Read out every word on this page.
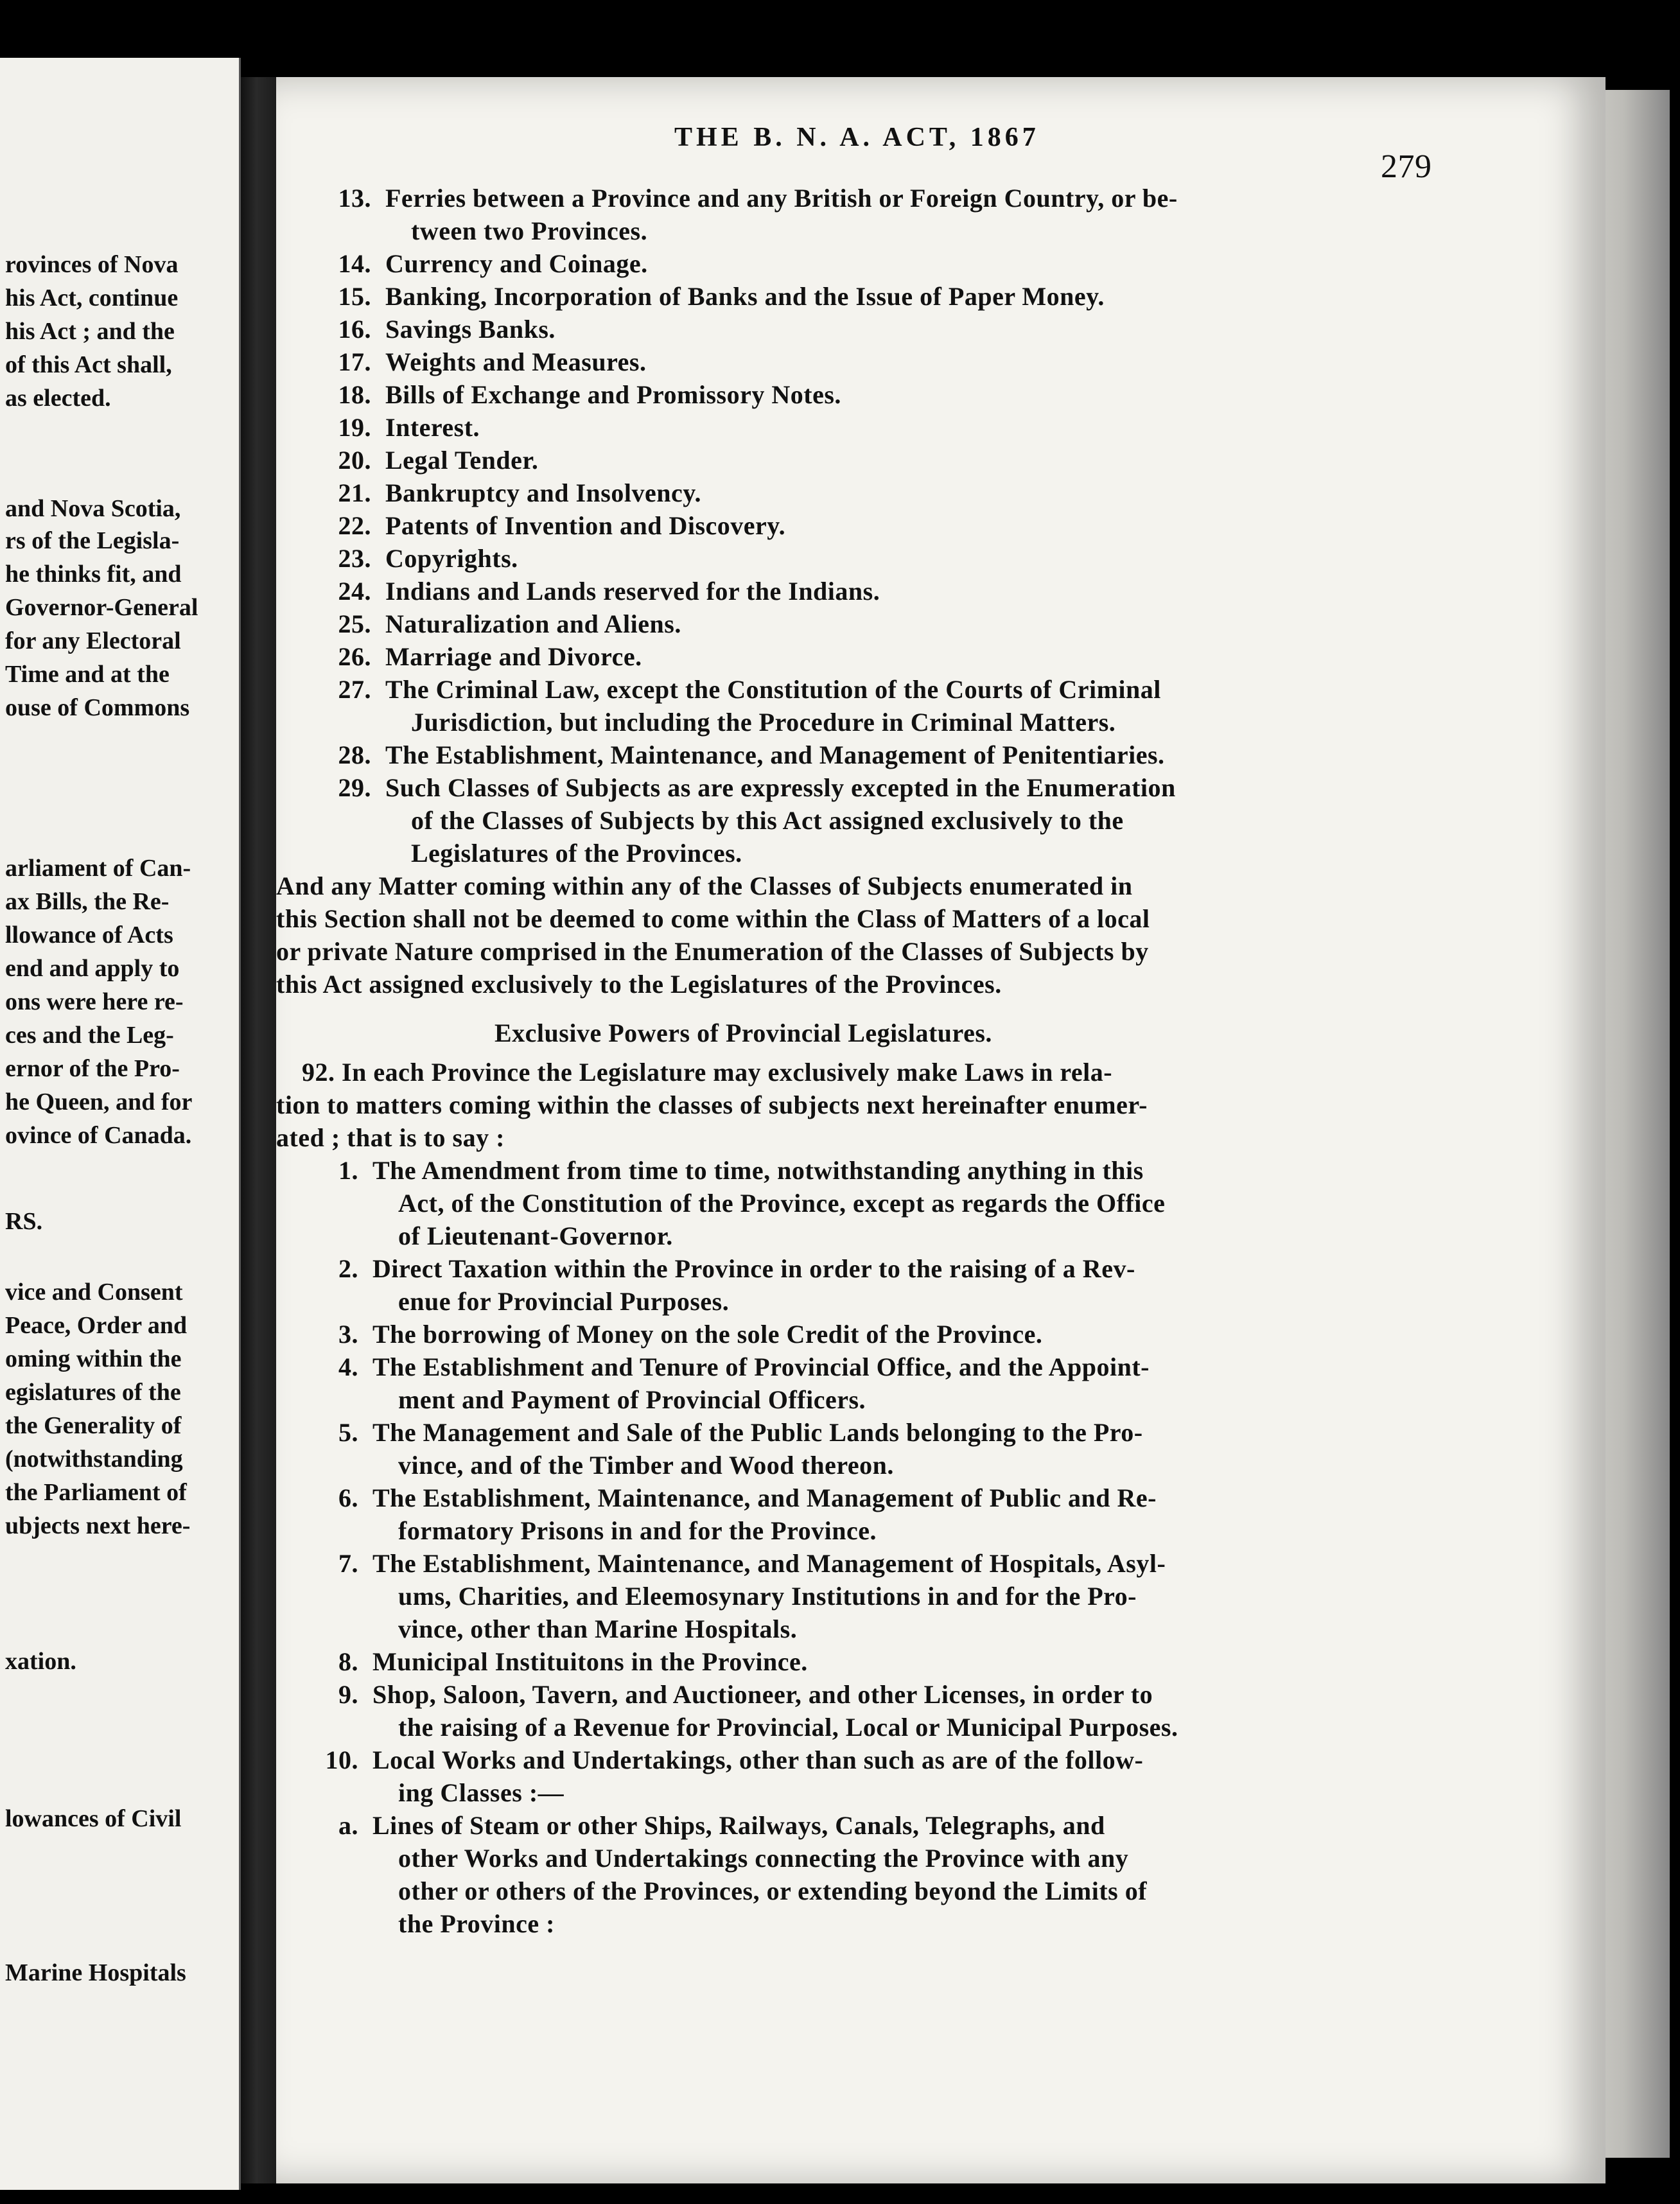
rovinces of Nova
his Act, continue
his Act ; and the
of this Act shall,
as elected.
and Nova Scotia,
rs of the Legisla-
he thinks fit, and
Governor-General
for any Electoral
Time and at the
ouse of Commons
arliament of Can-
ax Bills, the Re-
llowance of Acts
end and apply to
ons were here re-
ces and the Leg-
ernor of the Pro-
he Queen, and for
ovince of Canada.
RS.
vice and Consent
Peace, Order and
oming within the
egislatures of the
the Generality of
(notwithstanding
the Parliament of
ubjects next here-
xation.
lowances of Civil
Marine Hospitals
THE B. N. A. ACT, 1867
279
13. Ferries between a Province and any British or Foreign Country, or be-
tween two Provinces.
14. Currency and Coinage.
15. Banking, Incorporation of Banks and the Issue of Paper Money.
16. Savings Banks.
17. Weights and Measures.
18. Bills of Exchange and Promissory Notes.
19. Interest.
20. Legal Tender.
21. Bankruptcy and Insolvency.
22. Patents of Invention and Discovery.
23. Copyrights.
24. Indians and Lands reserved for the Indians.
25. Naturalization and Aliens.
26. Marriage and Divorce.
27. The Criminal Law, except the Constitution of the Courts of Criminal
Jurisdiction, but including the Procedure in Criminal Matters.
28. The Establishment, Maintenance, and Management of Penitentiaries.
29. Such Classes of Subjects as are expressly excepted in the Enumeration
of the Classes of Subjects by this Act assigned exclusively to the
Legislatures of the Provinces.
And any Matter coming within any of the Classes of Subjects enumerated in
this Section shall not be deemed to come within the Class of Matters of a local
or private Nature comprised in the Enumeration of the Classes of Subjects by
this Act assigned exclusively to the Legislatures of the Provinces.
Exclusive Powers of Provincial Legislatures.
92. In each Province the Legislature may exclusively make Laws in rela-
tion to matters coming within the classes of subjects next hereinafter enumer-
ated ; that is to say :
1. The Amendment from time to time, notwithstanding anything in this
Act, of the Constitution of the Province, except as regards the Office
of Lieutenant-Governor.
2. Direct Taxation within the Province in order to the raising of a Rev-
enue for Provincial Purposes.
3. The borrowing of Money on the sole Credit of the Province.
4. The Establishment and Tenure of Provincial Office, and the Appoint-
ment and Payment of Provincial Officers.
5. The Management and Sale of the Public Lands belonging to the Pro-
vince, and of the Timber and Wood thereon.
6. The Establishment, Maintenance, and Management of Public and Re-
formatory Prisons in and for the Province.
7. The Establishment, Maintenance, and Management of Hospitals, Asyl-
ums, Charities, and Eleemosynary Institutions in and for the Pro-
vince, other than Marine Hospitals.
8. Municipal Instituitons in the Province.
9. Shop, Saloon, Tavern, and Auctioneer, and other Licenses, in order to
the raising of a Revenue for Provincial, Local or Municipal Purposes.
10. Local Works and Undertakings, other than such as are of the follow-
ing Classes :—
a. Lines of Steam or other Ships, Railways, Canals, Telegraphs, and
other Works and Undertakings connecting the Province with any
other or others of the Provinces, or extending beyond the Limits of
the Province :
